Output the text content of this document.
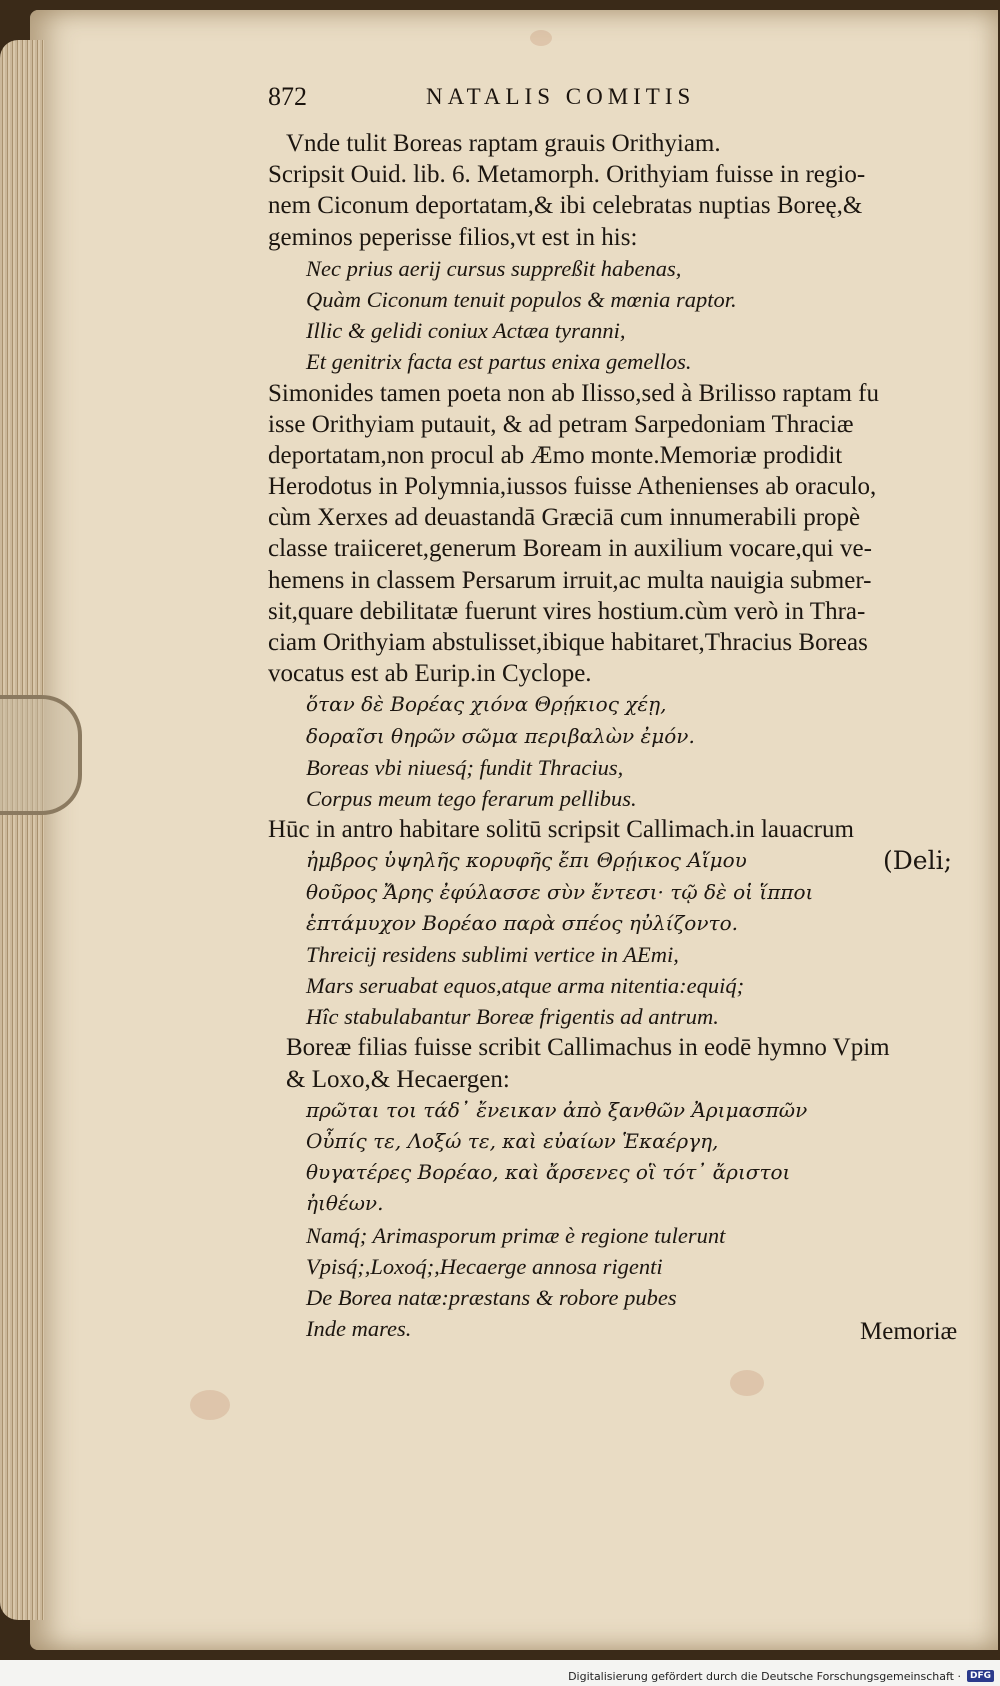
872	NATALIS COMITIS
Vnde tulit Boreas raptam grauis Orithyiam.
Scripsit Ouid. lib. 6. Metamorph. Orithyiam fuisse in regio-
nem Ciconum deportatam,& ibi celebratas nuptias Boreę,&
geminos peperisse filios,vt est in his:
Nec prius aerij cursus suppreßit habenas,
Quàm Ciconum tenuit populos & mœnia raptor.
Illic & gelidi coniux Actæa tyranni,
Et genitrix facta est partus enixa gemellos.
Simonides tamen poeta non ab Ilisso,sed à Brilisso raptam fu
isse Orithyiam putauit, & ad petram Sarpedoniam Thraciæ
deportatam,non procul ab Æmo monte.Memoriæ prodidit
Herodotus in Polymnia,iussos fuisse Athenienses ab oraculo,
cùm Xerxes ad deuastandā Græciā cum innumerabili propè
classe traiiceret,generum Boream in auxilium vocare,qui ve-
hemens in classem Persarum irruit,ac multa nauigia submer-
sit,quare debilitatæ fuerunt vires hostium.cùm verò in Thra-
ciam Orithyiam abstulisset,ibique habitaret,Thracius Boreas
vocatus est ab Eurip.in Cyclope.
ὅταν δὲ Βορέας χιόνα Θρῄκιος χέῃ,
δοραῖσι θηρῶν σῶμα περιβαλὼν ἐμόν.
Boreas vbi niuesq́; fundit Thracius,
Corpus meum tego ferarum pellibus.
Hūc in antro habitare solitū scripsit Callimach.in lauacrum
ἠμβρος ὑψηλῆς κορυφῆς ἔπι Θρῄικος Αἵμου	(Deli;
θοῦρος Ἄρης ἐφύλασσε σὺν ἔντεσι· τῷ δὲ οἱ ἵπποι
ἑπτάμυχον Βορέαο παρὰ σπέος ηὐλίζοντο.
Threicij residens sublimi vertice in AEmi,
Mars seruabat equos,atque arma nitentia:equiq́;
Hîc stabulabantur Boreæ frigentis ad antrum.
Boreæ filias fuisse scribit Callimachus in eodē hymno Vpim
& Loxo,& Hecaergen:
πρῶται τοι τάδ᾽ ἔνεικαν ἀπὸ ξανθῶν Ἀριμασπῶν
Οὖπίς τε, Λοξώ τε, καὶ εὐαίων Ἑκαέργη,
θυγατέρες Βορέαο, καὶ ἄρσενες οἳ τότ᾽ ἄριστοι
ἠιθέων.
Namq́; Arimasporum primæ è regione tulerunt
Vpisq́;,Loxoq́;,Hecaerge annosa rigenti
De Borea natæ:præstans & robore pubes
Inde mares.	Memoriæ
Digitalisierung gefördert durch die Deutsche Forschungsgemeinschaft ·	DFG
